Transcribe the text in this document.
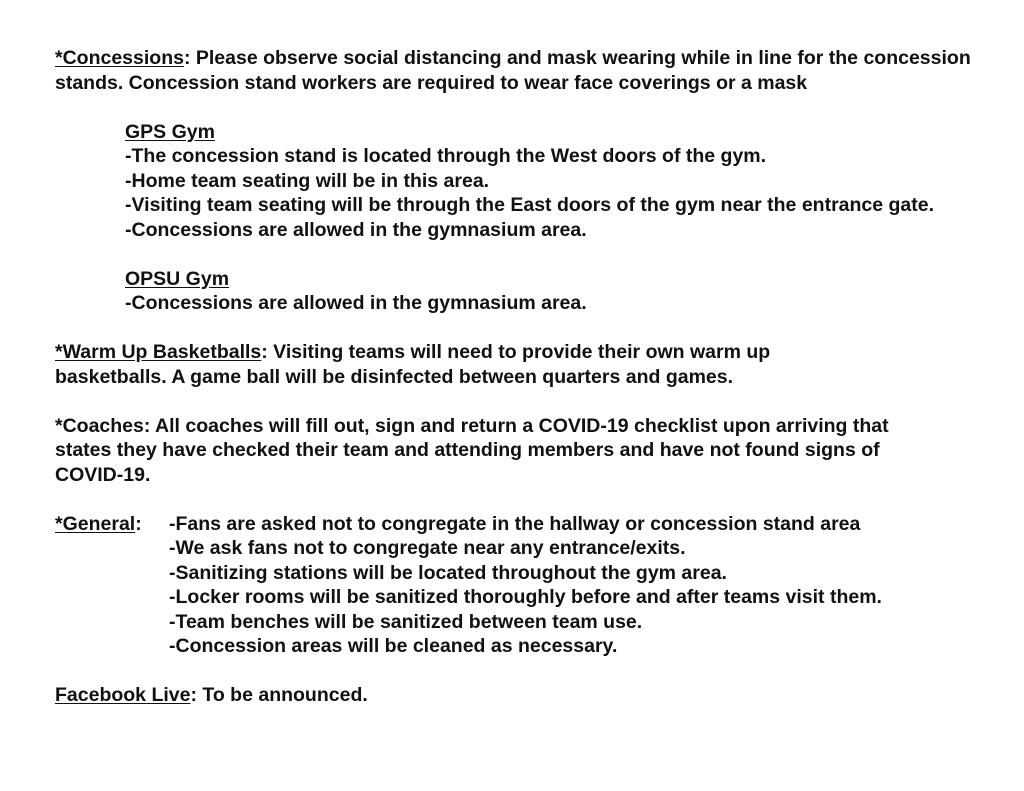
*Concessions: Please observe social distancing and mask wearing while in line for the concession stands. Concession stand workers are required to wear face coverings or a mask

GPS Gym
-The concession stand is located through the West doors of the gym.
-Home team seating will be in this area.
-Visiting team seating will be through the East doors of the gym near the entrance gate.
-Concessions are allowed in the gymnasium area.
OPSU Gym
-Concessions are allowed in the gymnasium area.

*Warm Up Basketballs: Visiting teams will need to provide their own warm up basketballs. A game ball will be disinfected between quarters and games.

*Coaches: All coaches will fill out, sign and return a COVID-19 checklist upon arriving that states they have checked their team and attending members and have not found signs of COVID-19.

*General: -Fans are asked not to congregate in the hallway or concession stand area
-We ask fans not to congregate near any entrance/exits.
-Sanitizing stations will be located throughout the gym area.
-Locker rooms will be sanitized thoroughly before and after teams visit them.
-Team benches will be sanitized between team use.
-Concession areas will be cleaned as necessary.

Facebook Live: To be announced.
